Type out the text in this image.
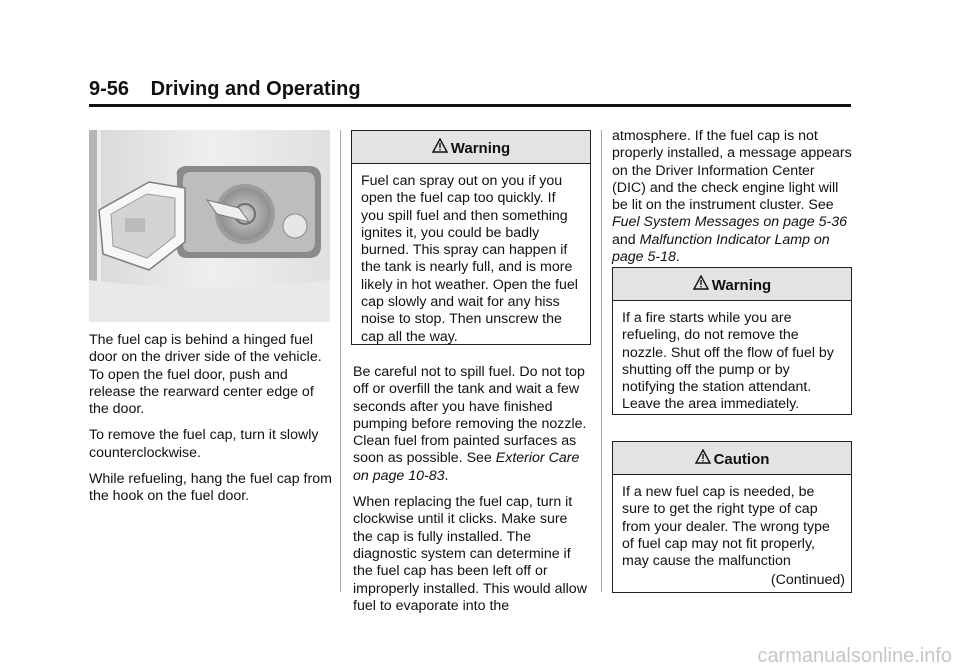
9-56 Driving and Operating

The fuel cap is behind a hinged fuel door on the driver side of the vehicle. To open the fuel door, push and release the rearward center edge of the door.

To remove the fuel cap, turn it slowly counterclockwise.

While refueling, hang the fuel cap from the hook on the fuel door.

Warning
Fuel can spray out on you if you open the fuel cap too quickly. If you spill fuel and then something ignites it, you could be badly burned. This spray can happen if the tank is nearly full, and is more likely in hot weather. Open the fuel cap slowly and wait for any hiss noise to stop. Then unscrew the cap all the way.

Be careful not to spill fuel. Do not top off or overfill the tank and wait a few seconds after you have finished pumping before removing the nozzle. Clean fuel from painted surfaces as soon as possible. See Exterior Care on page 10-83.

When replacing the fuel cap, turn it clockwise until it clicks. Make sure the cap is fully installed. The diagnostic system can determine if the fuel cap has been left off or improperly installed. This would allow fuel to evaporate into the

atmosphere. If the fuel cap is not properly installed, a message appears on the Driver Information Center (DIC) and the check engine light will be lit on the instrument cluster. See Fuel System Messages on page 5-36 and Malfunction Indicator Lamp on page 5-18.

Warning
If a fire starts while you are refueling, do not remove the nozzle. Shut off the flow of fuel by shutting off the pump or by notifying the station attendant. Leave the area immediately.
Caution
If a new fuel cap is needed, be sure to get the right type of cap from your dealer. The wrong type of fuel cap may not fit properly, may cause the malfunction
(Continued)
carmanualsonline.info
